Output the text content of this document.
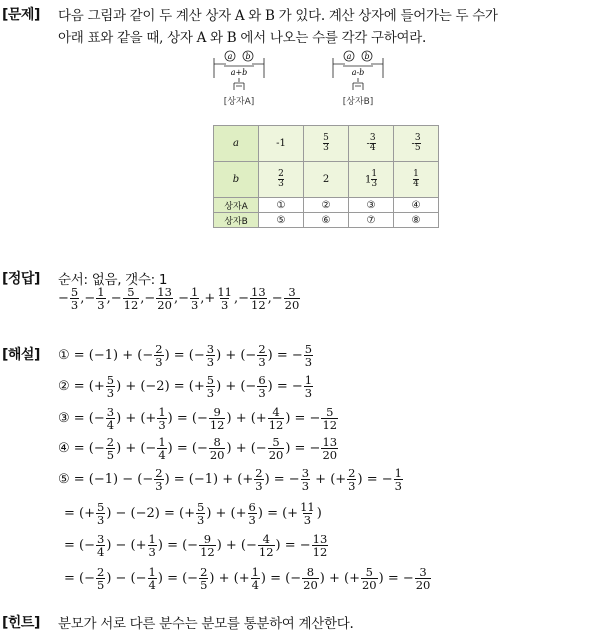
[문제] 다음 그림과 같이 두 계산 상자 A 와 B 가 있다. 계산 상자에 들어가는 두 수가
아래 표와 같을 때, 상자 A 와 B 에서 나오는 수를 각각 구하여라.
a b
a+b
[상자A]
a b
a-b
[상자B]
a	-1	$\frac{5}{3}$	- $\frac{3}{4}$	- $\frac{3}{5}$

b	$\frac{2}{3}$	2	$1 \frac{1}{3}$	$\frac{1}{4}$

상자A	①	②	③	④
상자B	⑤	⑥	⑦	⑧
[정답] 순서: 없음, 갯수: 1
− $\frac{5}{3}$ ,− $\frac{1}{3}$ ,− $\frac{5}{12}$ ,− $\frac{13}{20}$ ,− $\frac{1}{3}$ ,+ $\frac{11}{3}$ ,− $\frac{13}{12}$ ,− $\frac{3}{20}$
[해설] ① = (−1) + (− $\frac{2}{3}$ ) = (− $\frac{3}{3}$ ) + (− $\frac{2}{3}$ ) = − $\frac{5}{3}$
② = (+ $\frac{5}{3}$ ) + (−2) = (+ $\frac{5}{3}$ ) + (− $\frac{6}{3}$ ) = − $\frac{1}{3}$
③ = (− $\frac{3}{4}$ ) + (+ $\frac{1}{3}$ ) = (− $\frac{9}{12}$ ) + (+ $\frac{4}{12}$ ) = − $\frac{5}{12}$
④ = (− $\frac{2}{5}$ ) + (− $\frac{1}{4}$ ) = (− $\frac{8}{20}$ ) + (− $\frac{5}{20}$ ) = − $\frac{13}{20}$
⑤ = (−1) − (− $\frac{2}{3}$ ) = (−1) + (+ $\frac{2}{3}$ ) = − $\frac{3}{3}$ + (+ $\frac{2}{3}$ ) = − $\frac{1}{3}$
= (+ $\frac{5}{3}$ ) − (−2) = (+ $\frac{5}{3}$ ) + (+ $\frac{6}{3}$ ) = (+ $\frac{11}{3}$ )
= (− $\frac{3}{4}$ ) − (+ $\frac{1}{3}$ ) = (− $\frac{9}{12}$ ) + (− $\frac{4}{12}$ ) = − $\frac{13}{12}$
= (− $\frac{2}{5}$ ) − (− $\frac{1}{4}$ ) = (− $\frac{2}{5}$ ) + (+ $\frac{1}{4}$ ) = (− $\frac{8}{20}$ ) + (+ $\frac{5}{20}$ ) = − $\frac{3}{20}$
[힌트] 분모가 서로 다른 분수는 분모를 통분하여 계산한다.
